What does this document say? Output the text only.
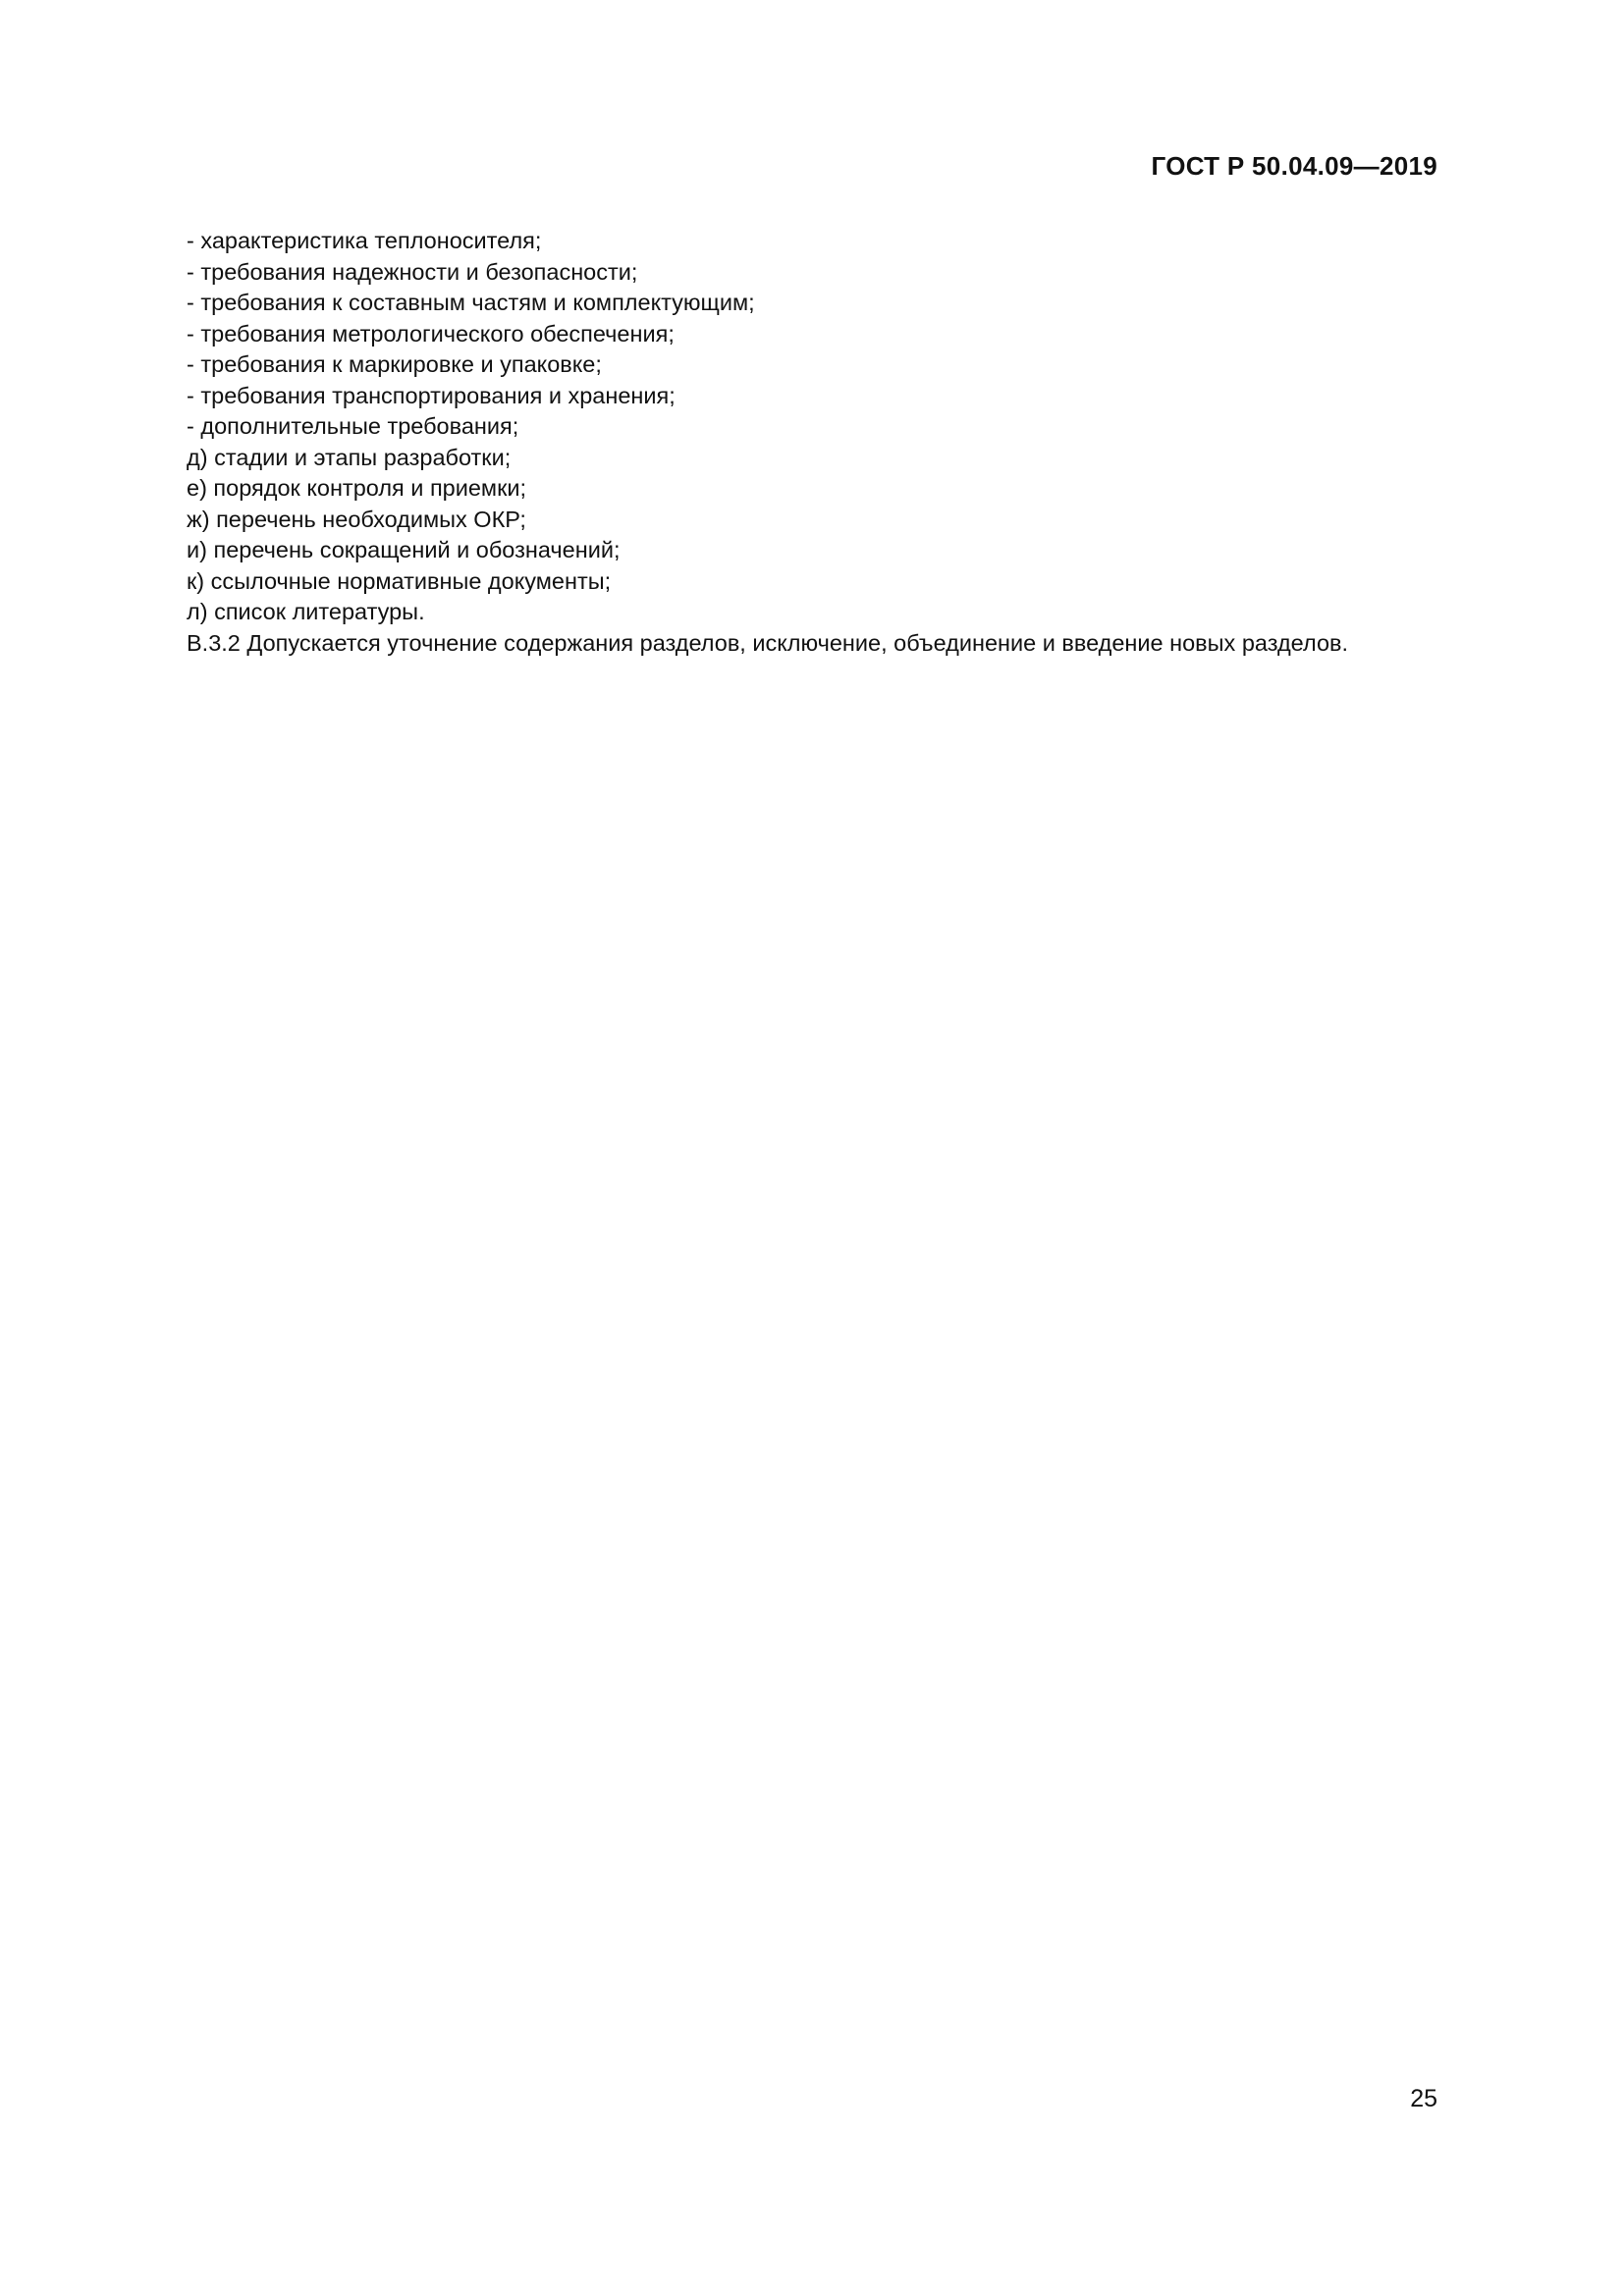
ГОСТ Р 50.04.09—2019
- характеристика теплоносителя;
- требования надежности и безопасности;
- требования к составным частям и комплектующим;
- требования метрологического обеспечения;
- требования к маркировке и упаковке;
- требования транспортирования и хранения;
- дополнительные требования;
д) стадии и этапы разработки;
е) порядок контроля и приемки;
ж) перечень необходимых ОКР;
и) перечень сокращений и обозначений;
к) ссылочные нормативные документы;
л) список литературы.
В.3.2 Допускается уточнение содержания разделов, исключение, объединение и введение новых разделов.
25
